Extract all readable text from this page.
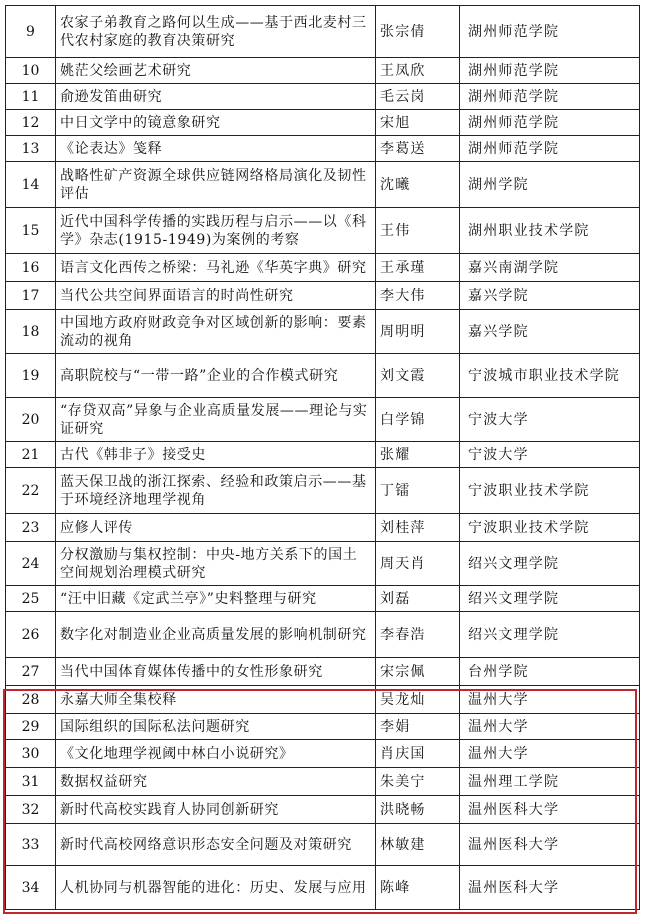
9	农家子弟教育之路何以生成——基于西北麦村三代农村家庭的教育决策研究	张宗倩	湖州师范学院
10	姚茫父绘画艺术研究	王凤欣	湖州师范学院
11	俞逊发笛曲研究	毛云岗	湖州师范学院
12	中日文学中的镜意象研究	宋旭	湖州师范学院
13	《论表达》笺释	李葛送	湖州师范学院
14	战略性矿产资源全球供应链网络格局演化及韧性评估	沈曦	湖州学院
15	近代中国科学传播的实践历程与启示——以《科学》杂志(1915-1949)为案例的考察	王伟	湖州职业技术学院
16	语言文化西传之桥梁：马礼逊《华英字典》研究	王承瑾	嘉兴南湖学院
17	当代公共空间界面语言的时尚性研究	李大伟	嘉兴学院
18	中国地方政府财政竞争对区域创新的影响：要素流动的视角	周明明	嘉兴学院
19	高职院校与“一带一路”企业的合作模式研究	刘文霞	宁波城市职业技术学院
20	“存贷双高”异象与企业高质量发展——理论与实证研究	白学锦	宁波大学
21	古代《韩非子》接受史	张耀	宁波大学
22	蓝天保卫战的浙江探索、经验和政策启示——基于环境经济地理学视角	丁镭	宁波职业技术学院
23	应修人评传	刘桂萍	宁波职业技术学院
24	分权激励与集权控制：中央-地方关系下的国土空间规划治理模式研究	周天肖	绍兴文理学院
25	“汪中旧藏《定武兰亭》”史料整理与研究	刘磊	绍兴文理学院
26	数字化对制造业企业高质量发展的影响机制研究	李春浩	绍兴文理学院
27	当代中国体育媒体传播中的女性形象研究	宋宗佩	台州学院
28	永嘉大师全集校释	吴龙灿	温州大学
29	国际组织的国际私法问题研究	李娟	温州大学
30	《文化地理学视阈中林白小说研究》	肖庆国	温州大学
31	数据权益研究	朱美宁	温州理工学院
32	新时代高校实践育人协同创新研究	洪晓畅	温州医科大学
33	新时代高校网络意识形态安全问题及对策研究	林敏建	温州医科大学
34	人机协同与机器智能的进化：历史、发展与应用	陈峰	温州医科大学
